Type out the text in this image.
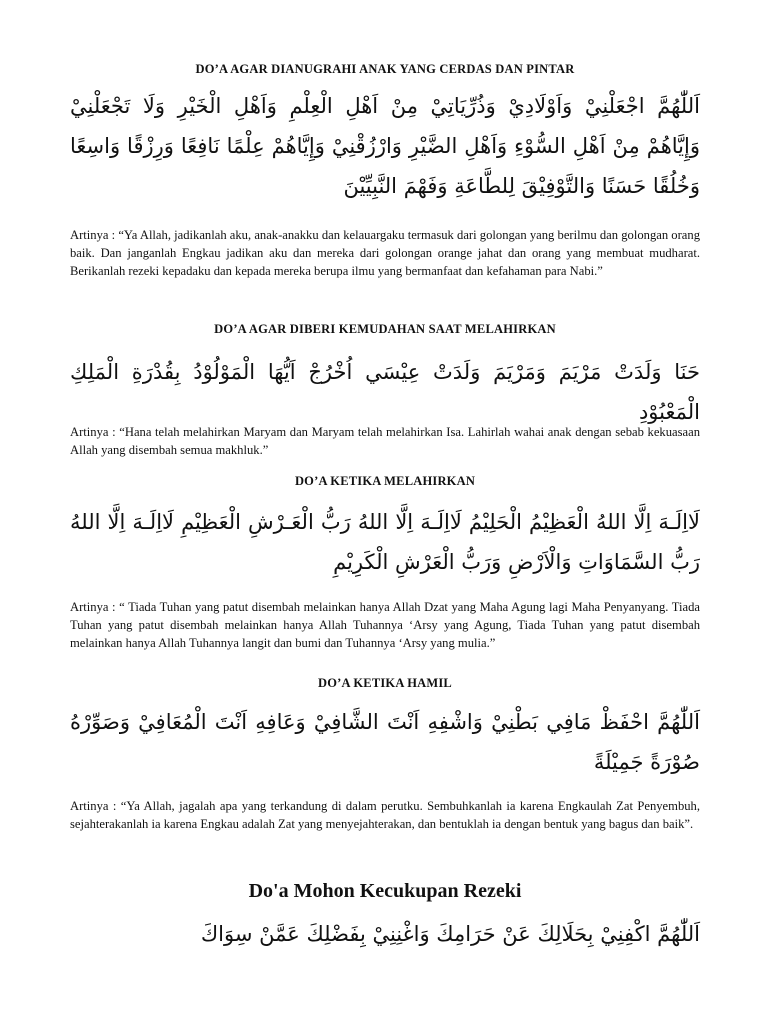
DO’A AGAR DIANUGRAHI ANAK YANG CERDAS DAN PINTAR

اَللّٰهُمَّ اجْعَلْنِيْ وَاَوْلَادِيْ وَذُرِّيَاتِيْ مِنْ اَهْلِ الْعِلْمِ وَاَهْلِ الْخَيْرِ وَلَا تَجْعَلْنِيْ وَإِيَّاهُمْ مِنْ اَهْلِ السُّوْءِ وَاَهْلِ الضَّيْرِ وَارْزُقْنِيْ وَإِيَّاهُمْ عِلْمًا نَافِعًا وَرِزْقًا وَاسِعًا وَخُلُقًا حَسَنًا وَالتَّوْفِيْقَ لِلطَّاعَةِ وَفَهْمَ النَّبِيِّيْنَ

Artinya : “Ya Allah, jadikanlah aku, anak-anakku dan kelauargaku termasuk dari golongan yang berilmu dan golongan orang baik. Dan janganlah Engkau jadikan aku dan mereka dari golongan orange jahat dan orang yang membuat mudharat. Berikanlah rezeki kepadaku dan kepada mereka berupa ilmu yang bermanfaat dan kefahaman para Nabi.”

DO’A AGAR DIBERI KEMUDAHAN SAAT MELAHIRKAN

حَنَا وَلَدَتْ مَرْيَمَ وَمَرْيَمَ وَلَدَتْ عِيْسَي اُخْرُجْ اَيُّهَا الْمَوْلُوْدُ بِقُدْرَةِ الْمَلِكِ الْمَعْبُوْدِ

Artinya : “Hana telah melahirkan Maryam dan Maryam telah melahirkan Isa. Lahirlah wahai anak dengan sebab kekuasaan Allah yang disembah semua makhluk.”

DO’A KETIKA MELAHIRKAN

لَااِلَـهَ اِلَّا اللهُ الْعَظِيْمُ الْحَلِيْمُ لَااِلَـهَ اِلَّا اللهُ رَبُّ الْعَـرْشِ الْعَظِيْمِ لَااِلَـهَ اِلَّا اللهُ رَبُّ السَّمَاوَاتِ وَالْاَرْضِ وَرَبُّ الْعَرْشِ الْكَرِيْمِ

Artinya : “ Tiada Tuhan yang patut disembah melainkan hanya Allah Dzat yang Maha Agung lagi Maha Penyanyang. Tiada Tuhan yang patut disembah melainkan hanya Allah Tuhannya ‘Arsy yang Agung, Tiada Tuhan yang patut disembah melainkan hanya Allah Tuhannya langit dan bumi dan Tuhannya ‘Arsy yang mulia.”

DO’A KETIKA HAMIL

اَللّٰهُمَّ احْفَظْ مَافِي بَطْنِيْ وَاشْفِهِ اَنْتَ الشَّافِيْ وَعَافِهِ اَنْتَ الْمُعَافِيْ وَصَوِّرْهُ صُوْرَةً جَمِيْلَةً

Artinya : “Ya Allah, jagalah apa yang terkandung di dalam perutku. Sembuhkanlah ia karena Engkaulah Zat Penyembuh, sejahterakanlah ia karena Engkau adalah Zat yang menyejahterakan, dan bentuklah ia dengan bentuk yang bagus dan baik”.

Do'a Mohon Kecukupan Rezeki

اَللّٰهُمَّ اكْفِنِيْ بِحَلَالِكَ عَنْ حَرَامِكَ وَاغْنِنِيْ بِفَضْلِكَ عَمَّنْ سِوَاكَ
